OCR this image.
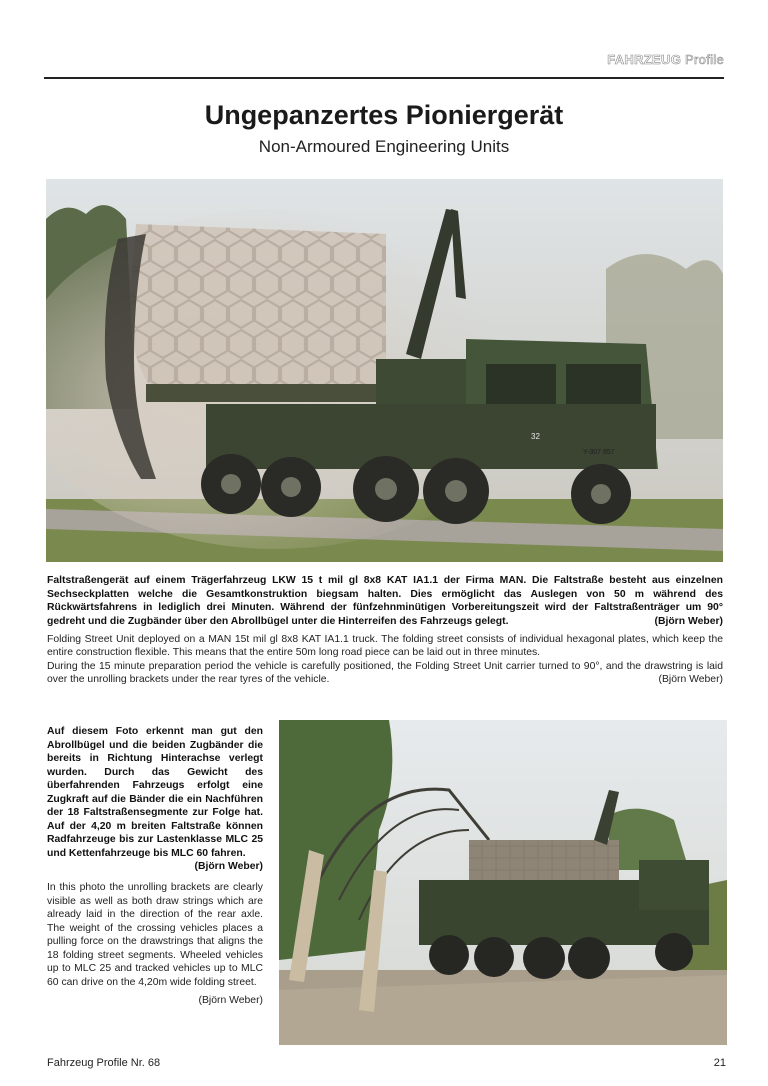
FAHRZEUG Profile
Ungepanzertes Pioniergerät
Non-Armoured Engineering Units
Y-307 857
32
Faltstraßengerät auf einem Trägerfahrzeug LKW 15 t mil gl 8x8 KAT IA1.1 der Firma MAN. Die Faltstraße besteht aus einzelnen Sechseckplatten welche die Gesamtkonstruktion biegsam halten. Dies ermöglicht das Auslegen von 50 m während des Rückwärtsfahrens in lediglich drei Minuten. Während der fünfzehnminütigen Vorbereitungszeit wird der Faltstraßenträger um 90° gedreht und die Zugbänder über den Abrollbügel unter die Hinterreifen des Fahrzeugs gelegt.	(Björn Weber)
Folding Street Unit deployed on a MAN 15t mil gl 8x8 KAT IA1.1 truck. The folding street consists of individual hexagonal plates, which keep the entire construction flexible. This means that the entire 50m long road piece can be laid out in three minutes.
During the 15 minute preparation period the vehicle is carefully positioned, the Folding Street Unit carrier turned to 90°, and the drawstring is laid over the unrolling brackets under the rear tyres of the vehicle.	(Björn Weber)
Auf diesem Foto erkennt man gut den Abrollbügel und die beiden Zugbänder die bereits in Richtung Hinterachse verlegt wurden. Durch das Gewicht des überfahrenden Fahrzeugs erfolgt eine Zugkraft auf die Bänder die ein Nachführen der 18 Faltstraßensegmente zur Folge hat. Auf der 4,20 m breiten Faltstraße können Radfahrzeuge bis zur Lastenklasse MLC 25 und Kettenfahrzeuge bis MLC 60 fahren.
(Björn Weber)
In this photo the unrolling brackets are clearly visible as well as both draw strings which are already laid in the direction of the rear axle. The weight of the crossing vehicles places a pulling force on the drawstrings that aligns the 18 folding street segments. Wheeled vehicles up to MLC 25 and tracked vehicles up to MLC 60 can drive on the 4,20m wide folding street.
(Björn Weber)
Fahrzeug Profile Nr. 68	21
